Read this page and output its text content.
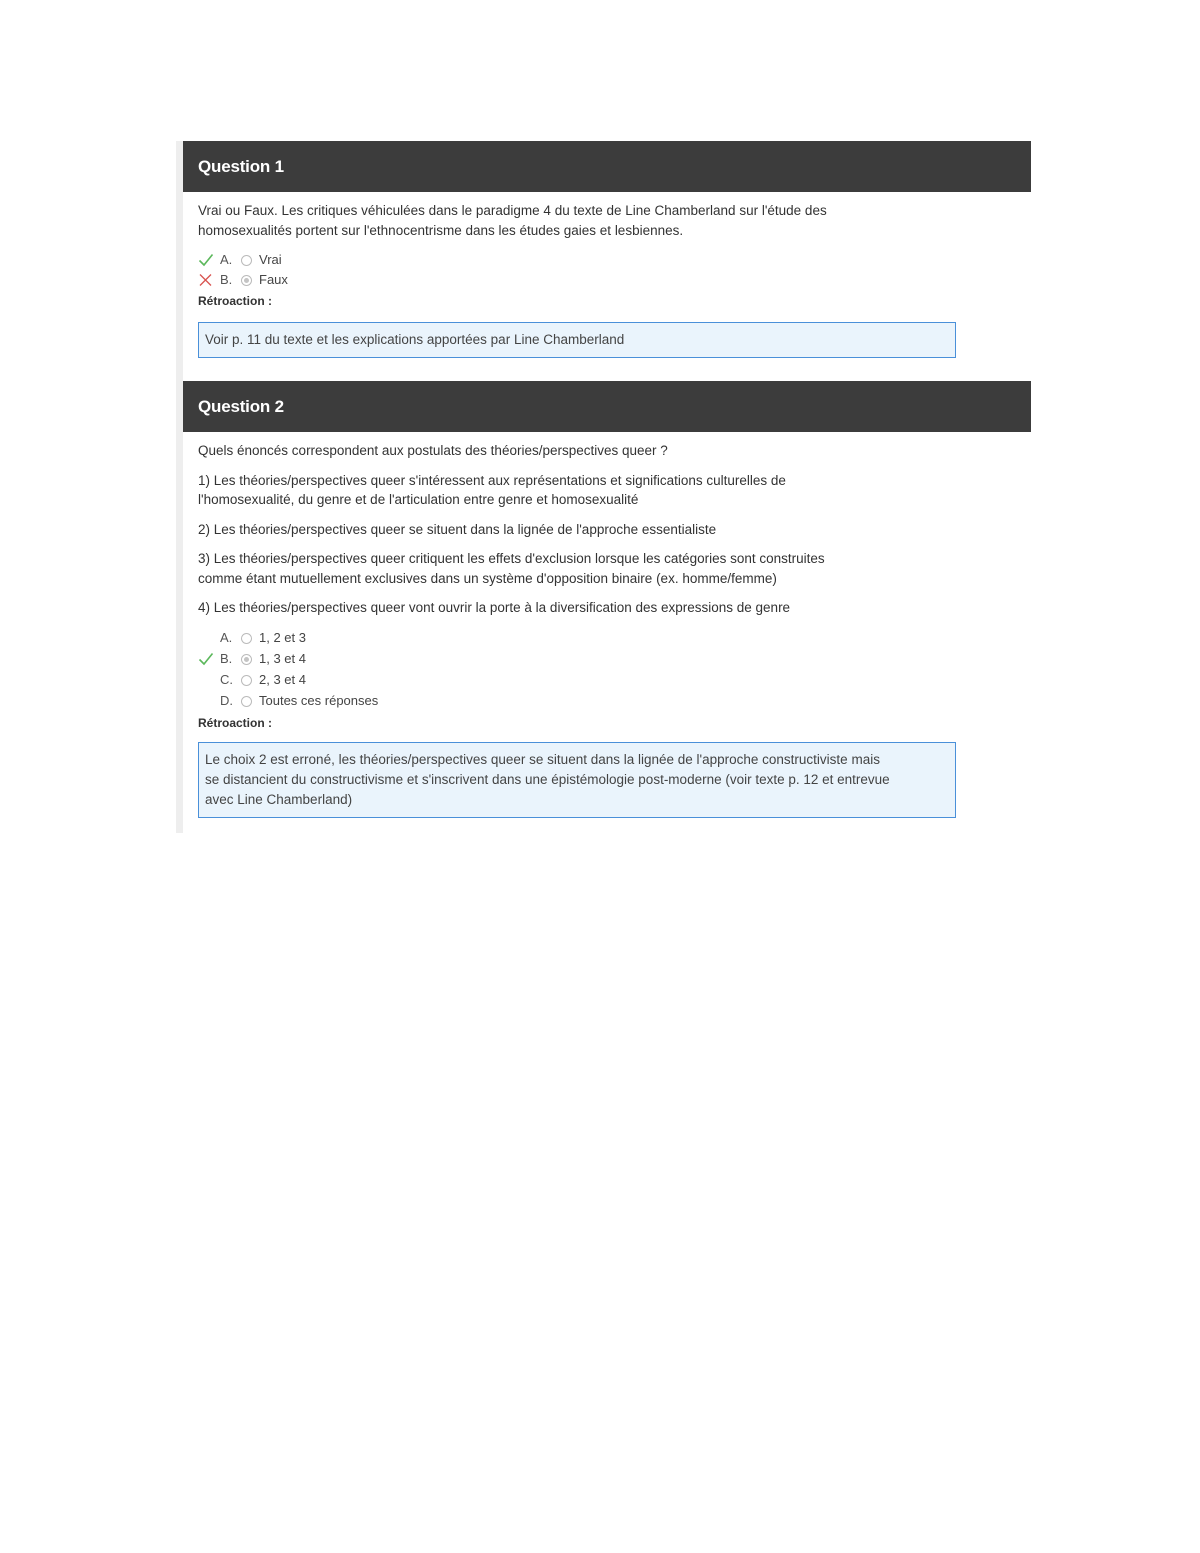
Question 1

Vrai ou Faux. Les critiques véhiculées dans le paradigme 4 du texte de Line Chamberland sur l'étude des homosexualités portent sur l'ethnocentrisme dans les études gaies et lesbiennes.

A.	Vrai
B.	Faux
Rétroaction :
Voir p. 11 du texte et les explications apportées par Line Chamberland
Question 2

Quels énoncés correspondent aux postulats des théories/perspectives queer ?

1) Les théories/perspectives queer s'intéressent aux représentations et significations culturelles de l'homosexualité, du genre et de l'articulation entre genre et homosexualité

2) Les théories/perspectives queer se situent dans la lignée de l'approche essentialiste

3) Les théories/perspectives queer critiquent les effets d'exclusion lorsque les catégories sont construites comme étant mutuellement exclusives dans un système d'opposition binaire (ex. homme/femme)

4) Les théories/perspectives queer vont ouvrir la porte à la diversification des expressions de genre

A.	1, 2 et 3
B.	1, 3 et 4
C.	2, 3 et 4
D.	Toutes ces réponses
Rétroaction :
Le choix 2 est erroné, les théories/perspectives queer se situent dans la lignée de l'approche constructiviste mais se distancient du constructivisme et s'inscrivent dans une épistémologie post-moderne (voir texte p. 12 et entrevue avec Line Chamberland)
